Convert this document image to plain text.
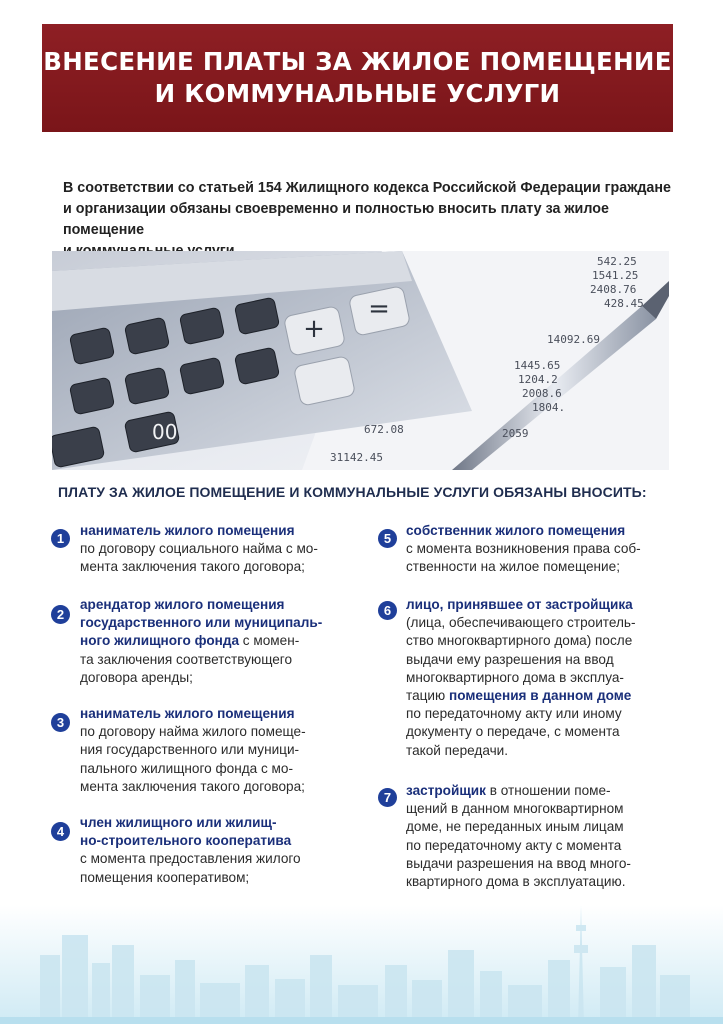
ВНЕСЕНИЕ ПЛАТЫ ЗА ЖИЛОЕ ПОМЕЩЕНИЕ
И КОММУНАЛЬНЫЕ УСЛУГИ
В соответствии со статьей 154 Жилищного кодекса Российской Федерации граждане
и организации обязаны своевременно и полностью вносить плату за жилое помещение
+
=
00
542.25
1541.25
2408.76
428.45
14092.69
1445.65
1204.2
2008.6
1804.
2059
31142.45
672.08
ПЛАТУ ЗА ЖИЛОЕ ПОМЕЩЕНИЕ И КОММУНАЛЬНЫЕ УСЛУГИ ОБЯЗАНЫ ВНОСИТЬ:
1
наниматель жилого помещения
по договору социального найма с мо-
мента заключения такого договора;
2
арендатор жилого помещения
государственного или муниципаль-
ного жилищного фонда с момен-
та заключения соответствующего
договора аренды;
3
наниматель жилого помещения
по договору найма жилого помеще-
ния государственного или муници-
пального жилищного фонда с мо-
мента заключения такого договора;
4
член жилищного или жилищ-
но-строительного кооператива
с момента предоставления жилого
помещения кооперативом;
5
собственник жилого помещения
с момента возникновения права соб-
ственности на жилое помещение;
6	лицо, принявшее от застройщика
(лица, обеспечивающего строитель-
ство многоквартирного дома) после
выдачи ему разрешения на ввод
многоквартирного дома в эксплуа-
тацию помещения в данном доме
по передаточному акту или иному
документу о передаче, с момента
такой передачи.
7	застройщик в отношении поме-
щений в данном многоквартирном
доме, не переданных иным лицам
по передаточному акту с момента
выдачи разрешения на ввод много-
квартирного дома в эксплуатацию.
